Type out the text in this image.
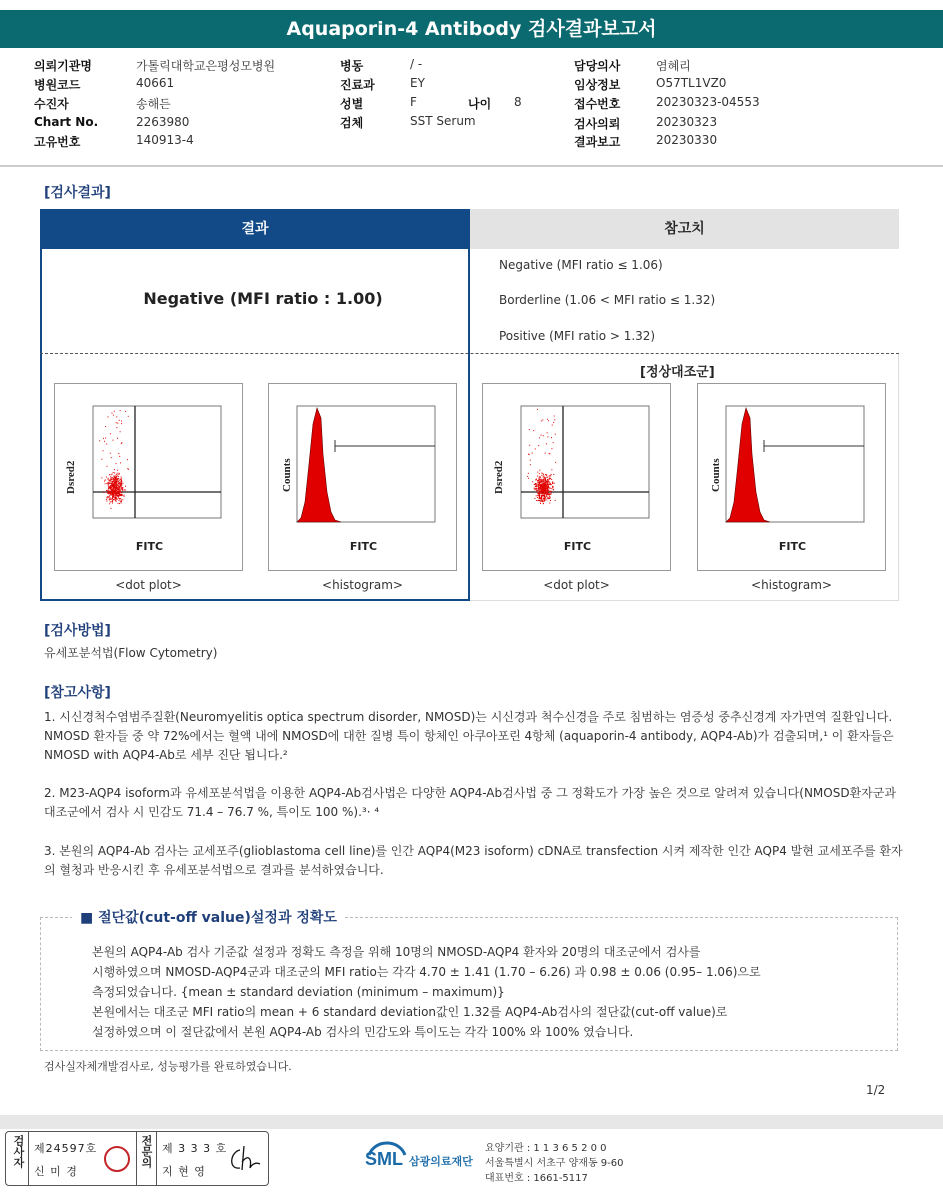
Aquaporin-4 Antibody 검사결과보고서
의뢰기관명	가톨릭대학교은평성모병원
병원코드	40661
수진자	송해든
Chart No.	2263980
고유번호	140913-4
병동	/ -
진료과	EY
성별	F	나이 8
검체	SST Serum
담당의사	염혜리
임상정보	O57TL1VZ0
접수번호	20230323-04553
검사의뢰	20230323
결과보고	20230330
[검사결과]
결과	참고치
Negative (MFI ratio : 1.00)
Negative (MFI ratio ≤ 1.06)
Borderline (1.06 < MFI ratio ≤ 1.32)
Positive (MFI ratio > 1.32)
[정상대조군]
Dsred2
FITC
<dot plot>
Counts
FITC
<histogram>
Dsred2
FITC
<dot plot>
Counts
FITC
<histogram>
[검사방법]
유세포분석법(Flow Cytometry)
[참고사항]
1. 시신경척수염범주질환(Neuromyelitis optica spectrum disorder, NMOSD)는 시신경과 척수신경을 주로 침범하는 염증성 중추신경계 자가면역 질환입니다. NMOSD 환자들 중 약 72%에서는 혈액 내에 NMOSD에 대한 질병 특이 항체인 아쿠아포린 4항체 (aquaporin-4 antibody, AQP4-Ab)가 검출되며,¹ 이 환자들은 NMOSD with AQP4-Ab로 세부 진단 됩니다.²
2. M23-AQP4 isoform과 유세포분석법을 이용한 AQP4-Ab검사법은 다양한 AQP4-Ab검사법 중 그 정확도가 가장 높은 것으로 알려져 있습니다(NMOSD환자군과 대조군에서 검사 시 민감도 71.4 – 76.7 %, 특이도 100 %).³· ⁴
3. 본원의 AQP4-Ab 검사는 교세포주(glioblastoma cell line)를 인간 AQP4(M23 isoform) cDNA로 transfection 시켜 제작한 인간 AQP4 발현 교세포주를 환자의 혈청과 반응시킨 후 유세포분석법으로 결과를 분석하였습니다.
■ 절단값(cut-off value)설정과 정확도
본원의 AQP4-Ab 검사 기준값 설정과 정확도 측정을 위해 10명의 NMOSD-AQP4 환자와 20명의 대조군에서 검사를
시행하였으며 NMOSD-AQP4군과 대조군의 MFI ratio는 각각 4.70 ± 1.41 (1.70 – 6.26) 과 0.98 ± 0.06 (0.95– 1.06)으로
측정되었습니다. {mean ± standard deviation (minimum – maximum)}
본원에서는 대조군 MFI ratio의 mean + 6 standard deviation값인 1.32를 AQP4-Ab검사의 절단값(cut-off value)로
설정하였으며 이 절단값에서 본원 AQP4-Ab 검사의 민감도와 특이도는 각각 100% 와 100% 였습니다.
검사실자체개발검사로, 성능평가를 완료하였습니다.
1/2
검사자 제24597호
신 미 경
전문의 제 3 3 3 호
지 현 영
SML 삼광의료재단
요양기관 : 1 1 3 6 5 2 0 0
서울특별시 서초구 양재동 9-60
대표번호 : 1661-5117
